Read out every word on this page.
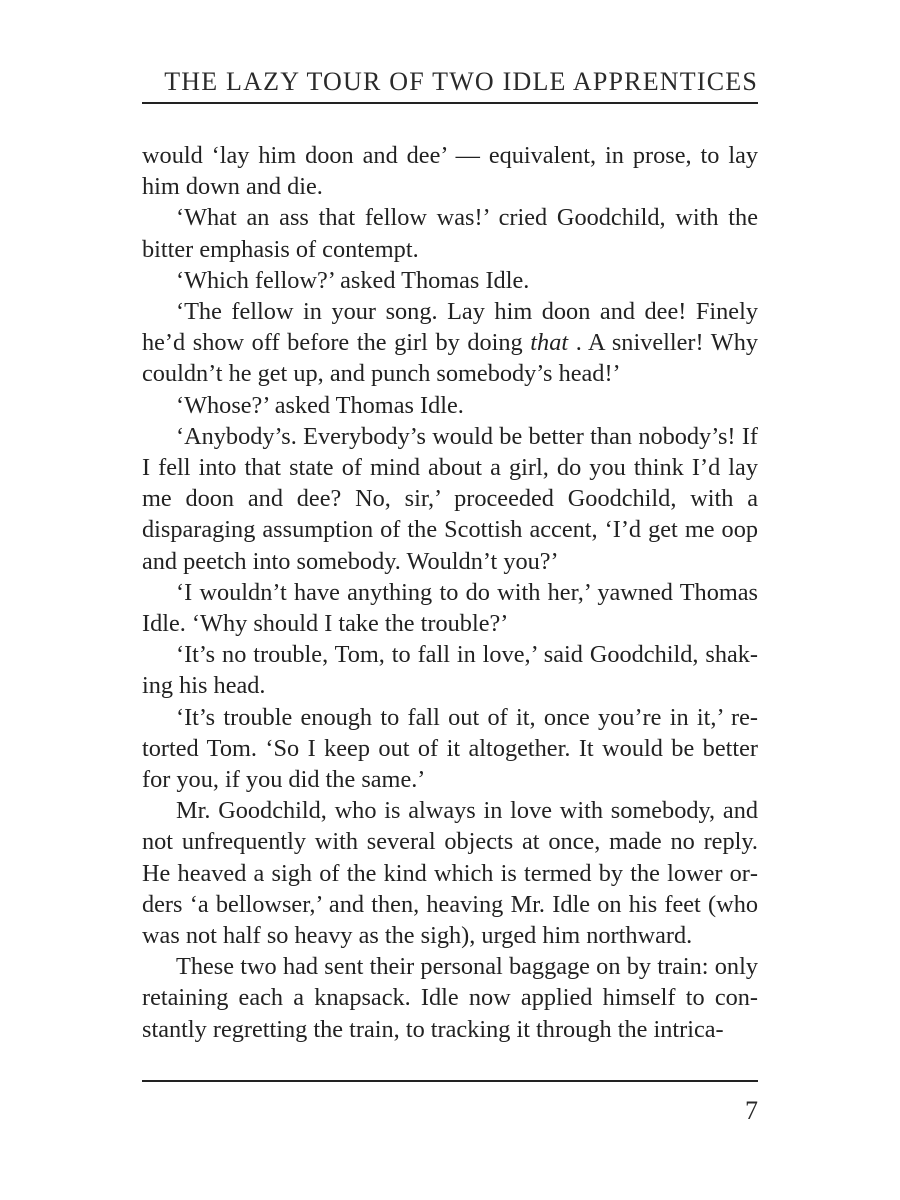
THE LAZY TOUR OF TWO IDLE APPRENTICES

would ‘lay him doon and dee’ — equivalent, in prose, to lay him down and die.

‘What an ass that fellow was!’ cried Goodchild, with the bitter emphasis of contempt.

‘Which fellow?’ asked Thomas Idle.

‘The fellow in your song. Lay him doon and dee! Finely he’d show off before the girl by doing that . A sniveller! Why couldn’t he get up, and punch somebody’s head!’

‘Whose?’ asked Thomas Idle.

‘Anybody’s. Everybody’s would be better than nobody’s! If I fell into that state of mind about a girl, do you think I’d lay me doon and dee? No, sir,’ proceeded Goodchild, with a disparaging assumption of the Scottish accent, ‘I’d get me oop and peetch into somebody. Wouldn’t you?’

‘I wouldn’t have anything to do with her,’ yawned Thomas Idle. ‘Why should I take the trouble?’

‘It’s no trouble, Tom, to fall in love,’ said Goodchild, shaking his head.

‘It’s trouble enough to fall out of it, once you’re in it,’ retorted Tom. ‘So I keep out of it altogether. It would be better for you, if you did the same.’

Mr. Goodchild, who is always in love with somebody, and not unfrequently with several objects at once, made no reply. He heaved a sigh of the kind which is termed by the lower orders ‘a bellowser,’ and then, heaving Mr. Idle on his feet (who was not half so heavy as the sigh), urged him northward.

These two had sent their personal baggage on by train: only retaining each a knapsack. Idle now applied himself to constantly regretting the train, to tracking it through the intrica-

7
